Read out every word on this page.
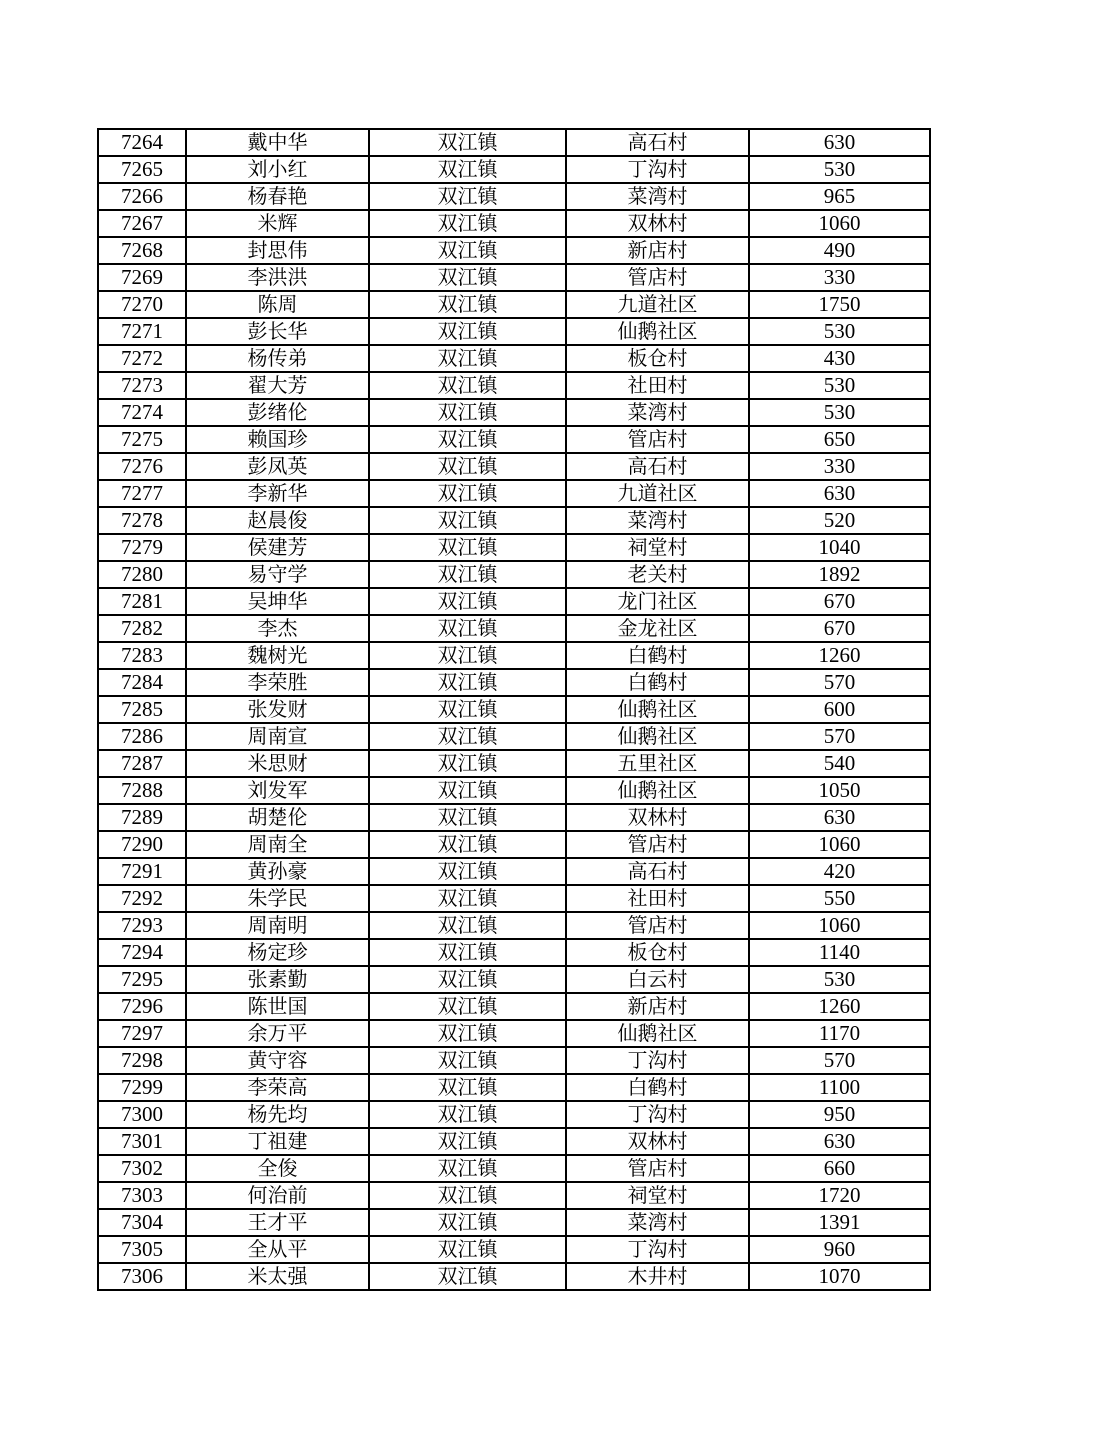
7264	戴中华	双江镇	高石村	630
7265	刘小红	双江镇	丁沟村	530
7266	杨春艳	双江镇	菜湾村	965
7267	米辉	双江镇	双林村	1060
7268	封思伟	双江镇	新店村	490
7269	李洪洪	双江镇	管店村	330
7270	陈周	双江镇	九道社区	1750
7271	彭长华	双江镇	仙鹅社区	530
7272	杨传弟	双江镇	板仓村	430
7273	翟大芳	双江镇	社田村	530
7274	彭绪伦	双江镇	菜湾村	530
7275	赖国珍	双江镇	管店村	650
7276	彭凤英	双江镇	高石村	330
7277	李新华	双江镇	九道社区	630
7278	赵晨俊	双江镇	菜湾村	520
7279	侯建芳	双江镇	祠堂村	1040
7280	易守学	双江镇	老关村	1892
7281	吴坤华	双江镇	龙门社区	670
7282	李杰	双江镇	金龙社区	670
7283	魏树光	双江镇	白鹤村	1260
7284	李荣胜	双江镇	白鹤村	570
7285	张发财	双江镇	仙鹅社区	600
7286	周南宣	双江镇	仙鹅社区	570
7287	米思财	双江镇	五里社区	540
7288	刘发军	双江镇	仙鹅社区	1050
7289	胡楚伦	双江镇	双林村	630
7290	周南全	双江镇	管店村	1060
7291	黄孙豪	双江镇	高石村	420
7292	朱学民	双江镇	社田村	550
7293	周南明	双江镇	管店村	1060
7294	杨定珍	双江镇	板仓村	1140
7295	张素勤	双江镇	白云村	530
7296	陈世国	双江镇	新店村	1260
7297	余万平	双江镇	仙鹅社区	1170
7298	黄守容	双江镇	丁沟村	570
7299	李荣高	双江镇	白鹤村	1100
7300	杨先均	双江镇	丁沟村	950
7301	丁祖建	双江镇	双林村	630
7302	全俊	双江镇	管店村	660
7303	何治前	双江镇	祠堂村	1720
7304	王才平	双江镇	菜湾村	1391
7305	全从平	双江镇	丁沟村	960
7306	米太强	双江镇	木井村	1070
